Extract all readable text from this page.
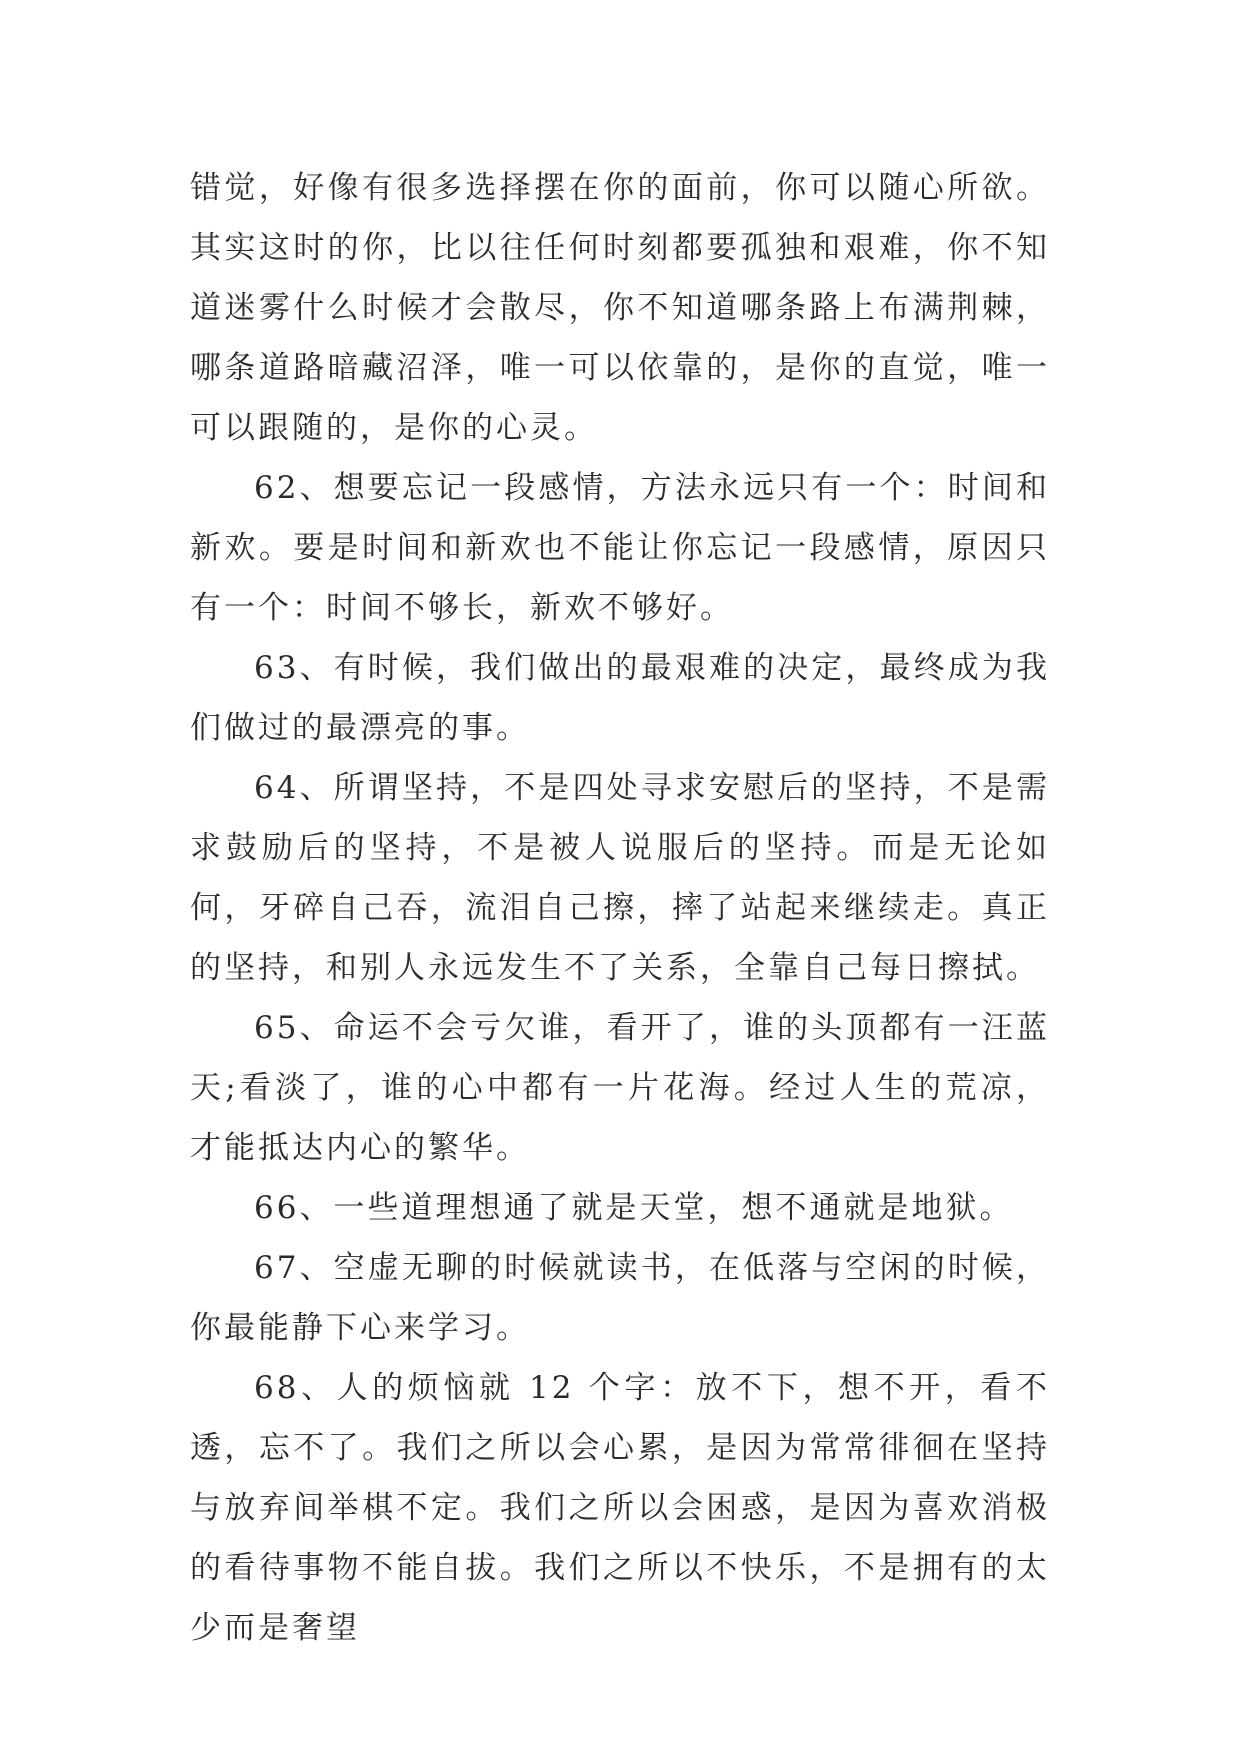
错觉，好像有很多选择摆在你的面前，你可以随心所欲。其实这时的你，比以往任何时刻都要孤独和艰难，你不知道迷雾什么时候才会散尽，你不知道哪条路上布满荆棘，哪条道路暗藏沼泽，唯一可以依靠的，是你的直觉，唯一可以跟随的，是你的心灵。

62、想要忘记一段感情，方法永远只有一个：时间和新欢。要是时间和新欢也不能让你忘记一段感情，原因只有一个：时间不够长，新欢不够好。

63、有时候，我们做出的最艰难的决定，最终成为我们做过的最漂亮的事。

64、所谓坚持，不是四处寻求安慰后的坚持，不是需求鼓励后的坚持，不是被人说服后的坚持。而是无论如何，牙碎自己吞，流泪自己擦，摔了站起来继续走。真正的坚持，和别人永远发生不了关系，全靠自己每日擦拭。

65、命运不会亏欠谁，看开了，谁的头顶都有一汪蓝天;看淡了，谁的心中都有一片花海。经过人生的荒凉，才能抵达内心的繁华。

66、一些道理想通了就是天堂，想不通就是地狱。

67、空虚无聊的时候就读书，在低落与空闲的时候，你最能静下心来学习。

68、人的烦恼就 12 个字：放不下，想不开，看不透，忘不了。我们之所以会心累，是因为常常徘徊在坚持与放弃间举棋不定。我们之所以会困惑，是因为喜欢消极的看待事物不能自拔。我们之所以不快乐，不是拥有的太少而是奢望
